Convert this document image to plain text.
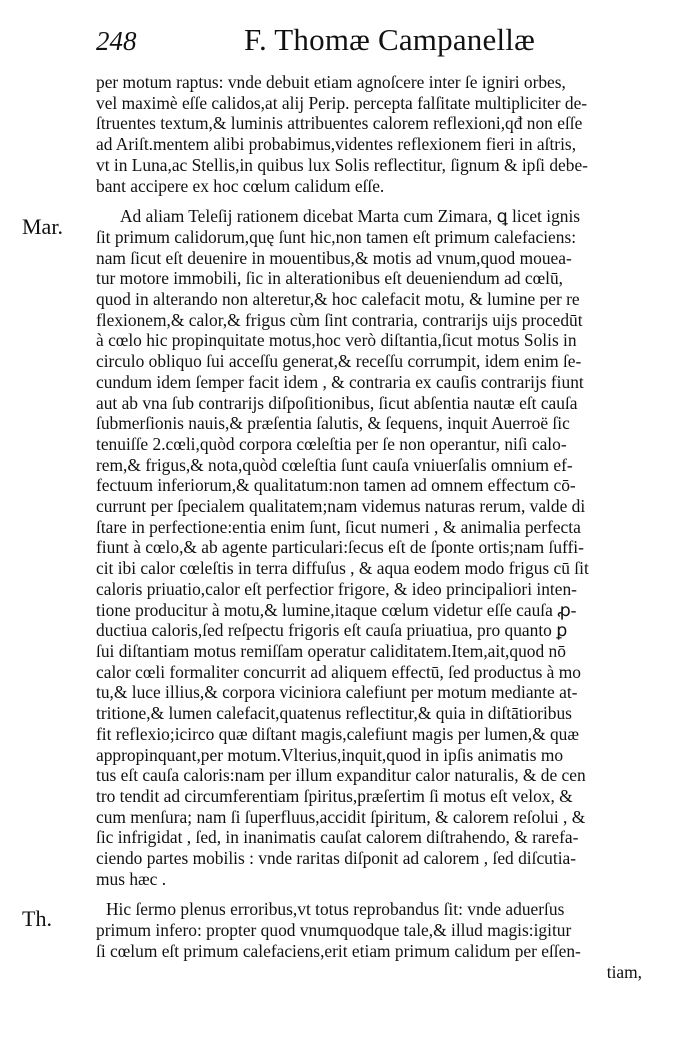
248	F. Thomæ Campanellæ
Mar.
Th.
per motum raptus: vnde debuit etiam agnoſcere inter ſe igniri orbes,
vel maximè eſſe calidos,at alij Perip. percepta falſitate multipliciter de-
ſtruentes textum,& luminis attribuentes calorem reflexioni,qđ non eſſe
ad Ariſt.mentem alibi probabimus,videntes reflexionem fieri in aſtris,
vt in Luna,ac Stellis,in quibus lux Solis reflectitur, ſignum & ipſi debe-
bant accipere ex hoc cœlum calidum eſſe.
Ad aliam Teleſij rationem dicebat Marta cum Zimara, ꝗ licet ignis
ſit primum calidorum,quę ſunt hic,non tamen eſt primum calefaciens:
nam ſicut eſt deuenire in mouentibus,& motis ad vnum,quod moueа-
tur motore immobili, ſic in alterationibus eſt deueniendum ad cœlū,
quod in alterando non alteretur,& hoc calefacit motu, & lumine per re
flexionem,& calor,& frigus cùm ſint contraria, contrarijs uijs procedūt
à cœlo hic propinquitate motus,hoc verò diſtantia,ſicut motus Solis in
circulo obliquo ſui acceſſu generat,& receſſu corrumpit, idem enim ſe-
cundum idem ſemper facit idem , & contraria ex cauſis contrarijs fiunt
aut ab vna ſub contrarijs diſpoſitionibus, ſicut abſentia nautæ eſt cauſa
ſubmerſionis nauis,& præſentia ſalutis, & ſequens, inquit Auerroë ſic
tenuiſſe 2.cœli,quòd corpora cœleſtia per ſe non operantur, niſi calo-
rem,& frigus,& nota,quòd cœleſtia ſunt cauſa vniuerſalis omnium ef-
fectuum inferiorum,& qualitatum:non tamen ad omnem effectum cō-
currunt per ſpecialem qualitatem;nam videmus naturas rerum, valde di
ſtare in perfectione:entia enim ſunt, ſicut numeri , & animalia perfecta
fiunt à cœlo,& ab agente particulari:ſecus eſt de ſponte ortis;nam ſuffi-
cit ibi calor cœleſtis in terra diffuſus , & aqua eodem modo frigus cū ſit
caloris priuatio,calor eſt perfectior frigore, & ideo principaliori inten-
tione producitur à motu,& lumine,itaque cœlum videtur eſſe cauſa ꝓ-
ductiua caloris,ſed reſpectu frigoris eſt cauſa priuatiua, pro quanto ꝑ
ſui diſtantiam motus remiſſam operatur caliditatem.Item,ait,quod nō
calor cœli formaliter concurrit ad aliquem effectū, ſed productus à mo
tu,& luce illius,& corpora viciniora calefiunt per motum mediante at-
tritione,& lumen calefacit,quatenus reflectitur,& quia in diſtātioribus
fit reflexio;icirco quæ diſtant magis,calefiunt magis per lumen,& quæ
appropinquant,per motum.Vlterius,inquit,quod in ipſis animatis mo
tus eſt cauſa caloris:nam per illum expanditur calor naturalis, & de cen
tro tendit ad circumferentiam ſpiritus,præſertim ſi motus eſt velox, &
cum menſura; nam ſi ſuperfluus,accidit ſpiritum, & calorem reſolui , &
ſic infrigidat , ſed, in inanimatis cauſat calorem diſtrahendo, & rarefa-
ciendo partes mobilis : vnde raritas diſponit ad calorem , ſed diſcutia-
mus hæc .
Hic ſermo plenus erroribus,vt totus reprobandus ſit: vnde aduerſus
primum infero: propter quod vnumquodque tale,& illud magis:igitur
ſi cœlum eſt primum calefaciens,erit etiam primum calidum per eſſen-
tiam,
